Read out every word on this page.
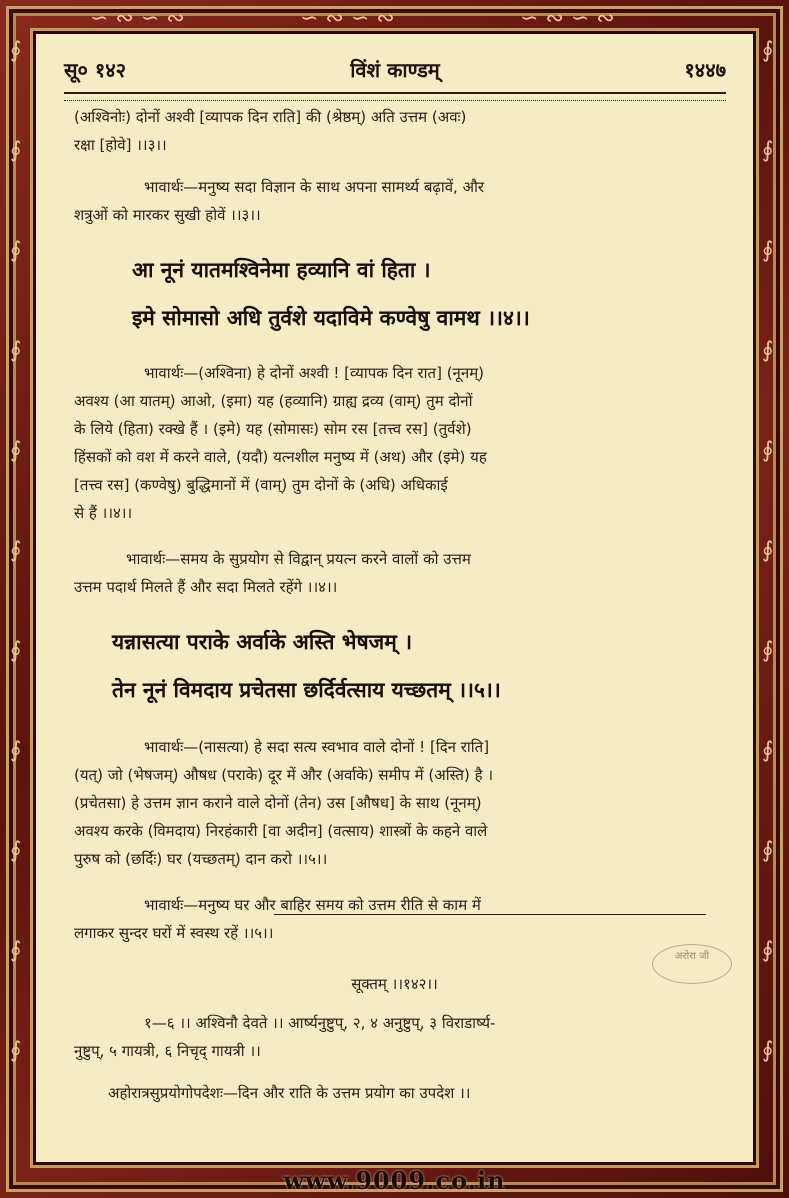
∮
∮
∮
∮
∮
∮
∮
∮
∮
∮
∮
∮
∮
∮
∮
∮
∮
∮
∮
∮
∮
∮
∽ ∾ ∽ ∾	∽ ∾ ∽ ∾	∽ ∾ ∽ ∾
सू० १४२	विंशं काण्डम्	१४४७
(अश्विनोः) दोनों अश्वी [व्यापक दिन राति] की (श्रेष्ठम्) अति उत्तम (अवः)
रक्षा [होवे] ।।३।।
भावार्थः—मनुष्य सदा विज्ञान के साथ अपना सामर्थ्य बढ़ावें, और
शत्रुओं को मारकर सुखी होवें ।।३।।
आ नूनं यातमश्विनेमा हव्यानि वां हिता ।
इमे सोमासो अधि तुर्वशे यदाविमे कण्वेषु वामथ ।।४।।
भावार्थः—(अश्विना) हे दोनों अश्वी ! [व्यापक दिन रात] (नूनम्)
अवश्य (आ यातम्) आओ, (इमा) यह (हव्यानि) ग्राह्य द्रव्य (वाम्) तुम दोनों
के लिये (हिता) रक्खे हैं । (इमे) यह (सोमासः) सोम रस [तत्त्व रस] (तुर्वशे)
हिंसकों को वश में करने वाले, (यदौ) यत्नशील मनुष्य में (अथ) और (इमे) यह
[तत्त्व रस] (कण्वेषु) बुद्धिमानों में (वाम्) तुम दोनों के (अधि) अधिकाई
से हैं ।।४।।
भावार्थः—समय के सुप्रयोग से विद्वान् प्रयत्न करने वालों को उत्तम
उत्तम पदार्थ मिलते हैं और सदा मिलते रहेंगे ।।४।।
यन्नासत्या पराके अर्वाके अस्ति भेषजम् ।
तेन नूनं विमदाय प्रचेतसा छर्दिर्वत्साय यच्छतम् ।।५।।
भावार्थः—(नासत्या) हे सदा सत्य स्वभाव वाले दोनों ! [दिन राति]
(यत्) जो (भेषजम्) औषध (पराके) दूर में और (अर्वाके) समीप में (अस्ति) है ।
(प्रचेतसा) हे उत्तम ज्ञान कराने वाले दोनों (तेन) उस [औषध] के साथ (नूनम्)
अवश्य करके (विमदाय) निरहंकारी [वा अदीन] (वत्साय) शास्त्रों के कहने वाले
पुरुष को (छर्दिः) घर (यच्छतम्) दान करो ।।५।।
भावार्थः—मनुष्य घर और बाहिर समय को उत्तम रीति से काम में
लगाकर सुन्दर घरों में स्वस्थ रहें ।।५।।
अरोरा जी
सूक्तम् ।।१४२।।
१—६ ।। अश्विनौ देवते ।। आर्ष्यनुष्टुप्, २, ४ अनुष्टुप्, ३ विराडार्ष्य-
नुष्टुप्, ५ गायत्री, ६ निचृद् गायत्री ।।
अहोरात्रसुप्रयोगोपदेशः—दिन और राति के उत्तम प्रयोग का उपदेश ।।
www.9009.co.in
